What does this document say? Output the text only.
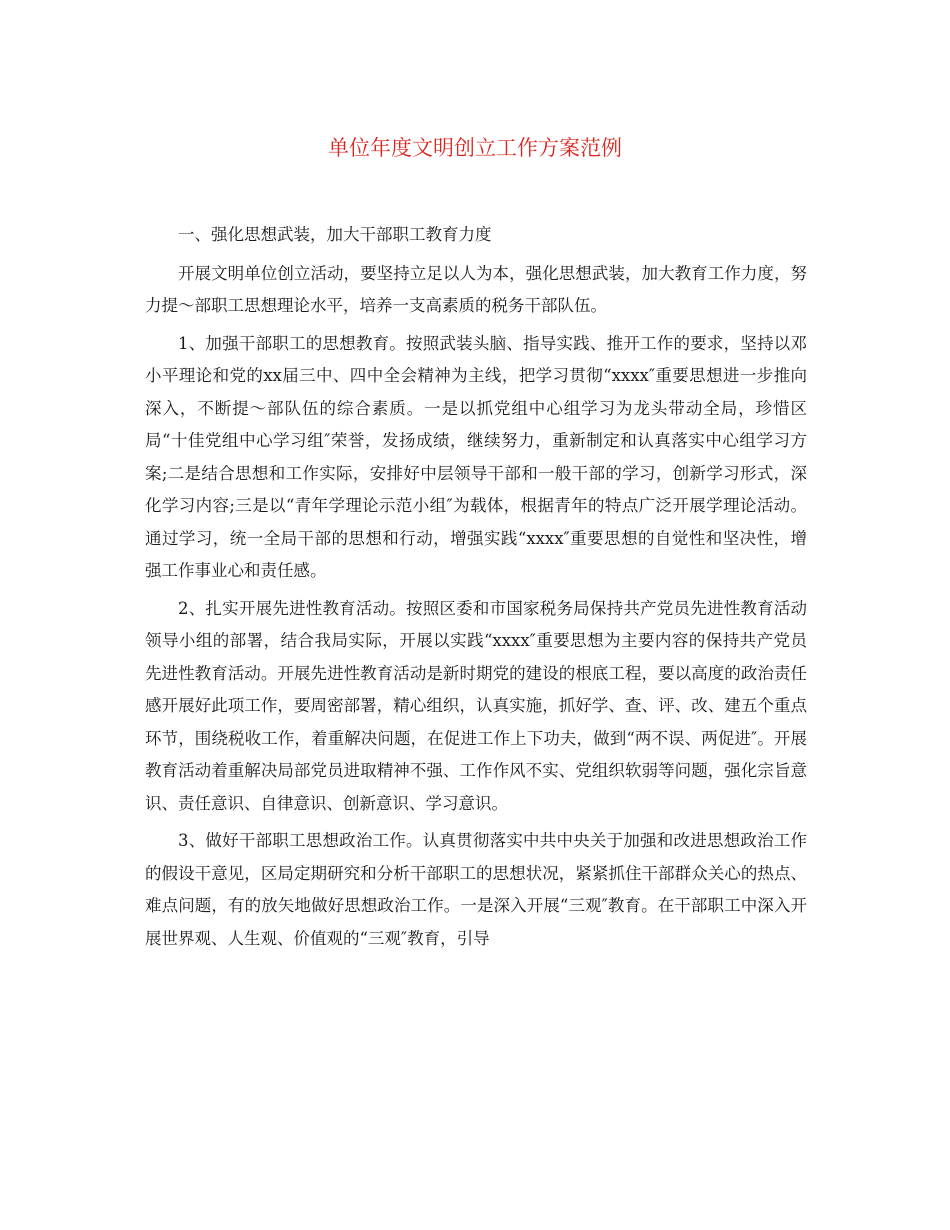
单位年度文明创立工作方案范例

一、强化思想武装，加大干部职工教育力度

开展文明单位创立活动，要坚持立足以人为本，强化思想武装，加大教育工作力度，努力提～部职工思想理论水平，培养一支高素质的税务干部队伍。

1、加强干部职工的思想教育。按照武装头脑、指导实践、推开工作的要求，坚持以邓小平理论和党的xx届三中、四中全会精神为主线，把学习贯彻“xxxx″重要思想进一步推向深入，不断提～部队伍的综合素质。一是以抓党组中心组学习为龙头带动全局，珍惜区局“十佳党组中心学习组″荣誉，发扬成绩，继续努力，重新制定和认真落实中心组学习方案;二是结合思想和工作实际，安排好中层领导干部和一般干部的学习，创新学习形式，深化学习内容;三是以“青年学理论示范小组″为载体，根据青年的特点广泛开展学理论活动。通过学习，统一全局干部的思想和行动，增强实践“xxxx″重要思想的自觉性和坚决性，增强工作事业心和责任感。

2、扎实开展先进性教育活动。按照区委和市国家税务局保持共产党员先进性教育活动领导小组的部署，结合我局实际，开展以实践“xxxx″重要思想为主要内容的保持共产党员先进性教育活动。开展先进性教育活动是新时期党的建设的根底工程，要以高度的政治责任感开展好此项工作，要周密部署，精心组织，认真实施，抓好学、查、评、改、建五个重点环节，围绕税收工作，着重解决问题，在促进工作上下功夫，做到“两不误、两促进″。开展教育活动着重解决局部党员进取精神不强、工作作风不实、党组织软弱等问题，强化宗旨意识、责任意识、自律意识、创新意识、学习意识。

3、做好干部职工思想政治工作。认真贯彻落实中共中央关于加强和改进思想政治工作的假设干意见，区局定期研究和分析干部职工的思想状况，紧紧抓住干部群众关心的热点、难点问题，有的放矢地做好思想政治工作。一是深入开展“三观″教育。在干部职工中深入开展世界观、人生观、价值观的“三观″教育，引导
